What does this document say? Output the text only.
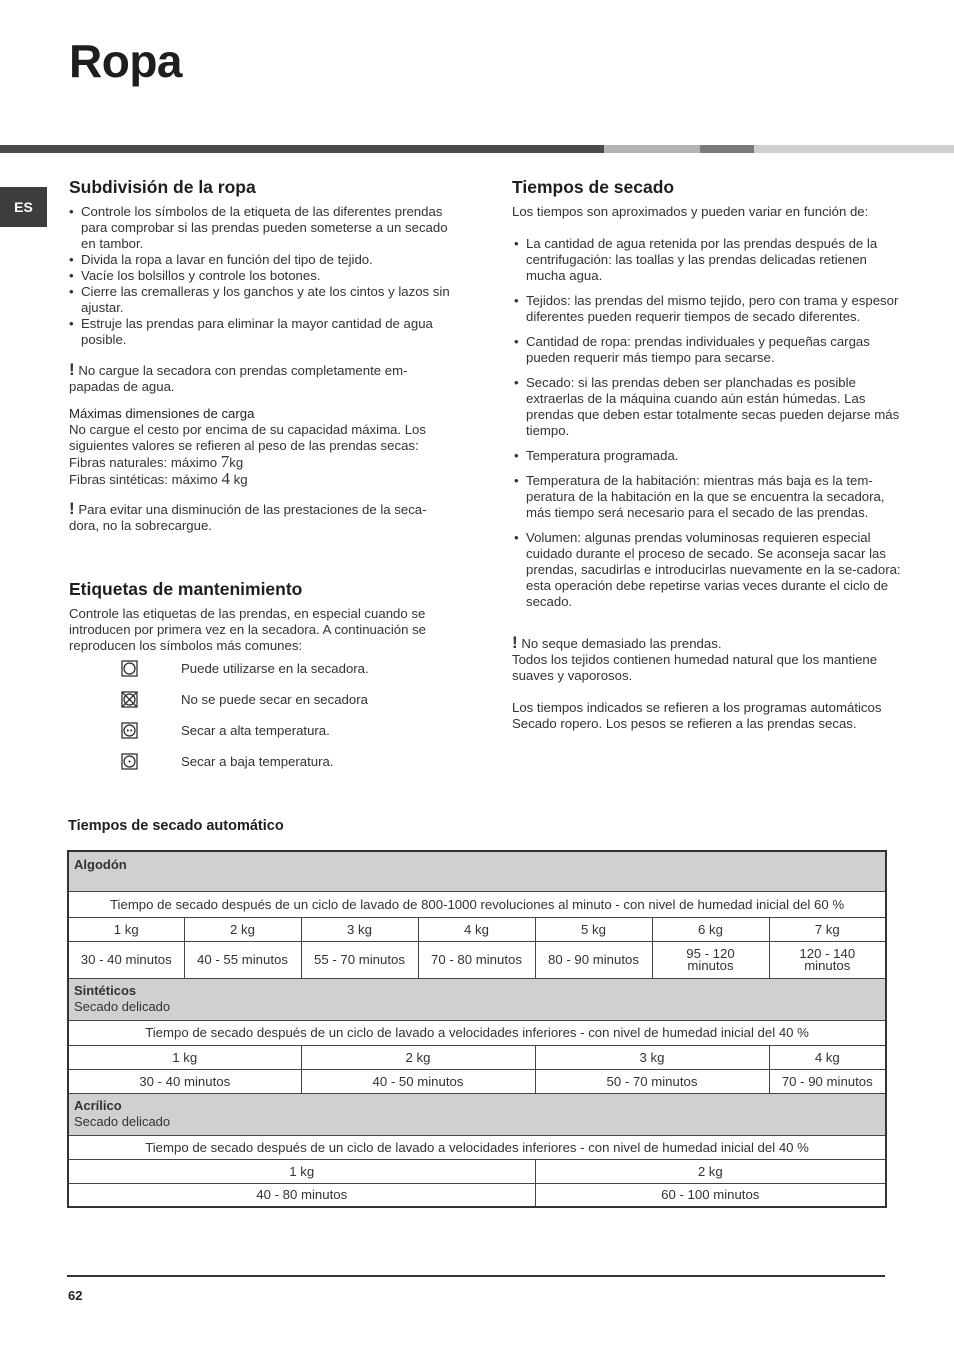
Ropa
ES
Subdivisión de la ropa
• Controle los símbolos de la etiqueta de las diferentes prendas para comprobar si las prendas pueden someterse a un secado en tambor.
• Divida la ropa a lavar en función del tipo de tejido.
• Vacíe los bolsillos y controle los botones.
• Cierre las cremalleras y los ganchos y ate los cintos y lazos sin ajustar.
• Estruje las prendas para eliminar la mayor cantidad de agua posible.
! No cargue la secadora con prendas completamente em-papadas de agua.
Máximas dimensiones de carga
No cargue el cesto por encima de su capacidad máxima. Los siguientes valores se refieren al peso de las prendas secas:
Fibras naturales: máximo 7kg
Fibras sintéticas: máximo 4 kg
! Para evitar una disminución de las prestaciones de la seca-dora, no la sobrecargue.
Etiquetas de mantenimiento
Controle las etiquetas de las prendas, en especial cuando se introducen por primera vez en la secadora. A continuación se reproducen los símbolos más comunes:
Puede utilizarse en la secadora.
No se puede secar en secadora
Secar a alta temperatura.
Secar a baja temperatura.
Tiempos de secado
Los tiempos son aproximados y pueden variar en función de:
• La cantidad de agua retenida por las prendas después de la centrifugación: las toallas y las prendas delicadas retienen mucha agua.
• Tejidos: las prendas del mismo tejido, pero con trama y espesor diferentes pueden requerir tiempos de secado diferentes.
• Cantidad de ropa: prendas individuales y pequeñas cargas pueden requerir más tiempo para secarse.
• Secado: si las prendas deben ser planchadas es posible extraerlas de la máquina cuando aún están húmedas. Las prendas que deben estar totalmente secas pueden dejarse más tiempo.
• Temperatura programada.
• Temperatura de la habitación: mientras más baja es la tem-peratura de la habitación en la que se encuentra la secadora, más tiempo será necesario para el secado de las prendas.
• Volumen: algunas prendas voluminosas requieren especial cuidado durante el proceso de secado. Se aconseja sacar las prendas, sacudirlas e introducirlas nuevamente en la se-cadora: esta operación debe repetirse varias veces durante el ciclo de secado.
! No seque demasiado las prendas.
Todos los tejidos contienen humedad natural que los mantiene suaves y vaporosos.
Los tiempos indicados se refieren a los programas automáticos Secado ropero. Los pesos se refieren a las prendas secas.
Tiempos de secado automático
Algodón						
Tiempo de secado después de un ciclo de lavado de 800-1000 revoluciones al minuto - con nivel de humedad inicial del 60 %						
1 kg	2 kg	3 kg	4 kg	5 kg	6 kg	7 kg
30 - 40 minutos	40 - 55 minutos	55 - 70 minutos	70 - 80 minutos	80 - 90 minutos	95 - 120 minutos	120 - 140 minutos
Sintéticos
Secado delicado						
Tiempo de secado después de un ciclo de lavado a velocidades inferiores - con nivel de humedad inicial del 40 %						
1 kg		2 kg		3 kg		4 kg
30 - 40 minutos		40 - 50 minutos		50 - 70 minutos		70 - 90 minutos
Acrílico
Secado delicado						
Tiempo de secado después de un ciclo de lavado a velocidades inferiores - con nivel de humedad inicial del 40 %						
1 kg				2 kg		
40 - 80 minutos				60 - 100 minutos		
62
